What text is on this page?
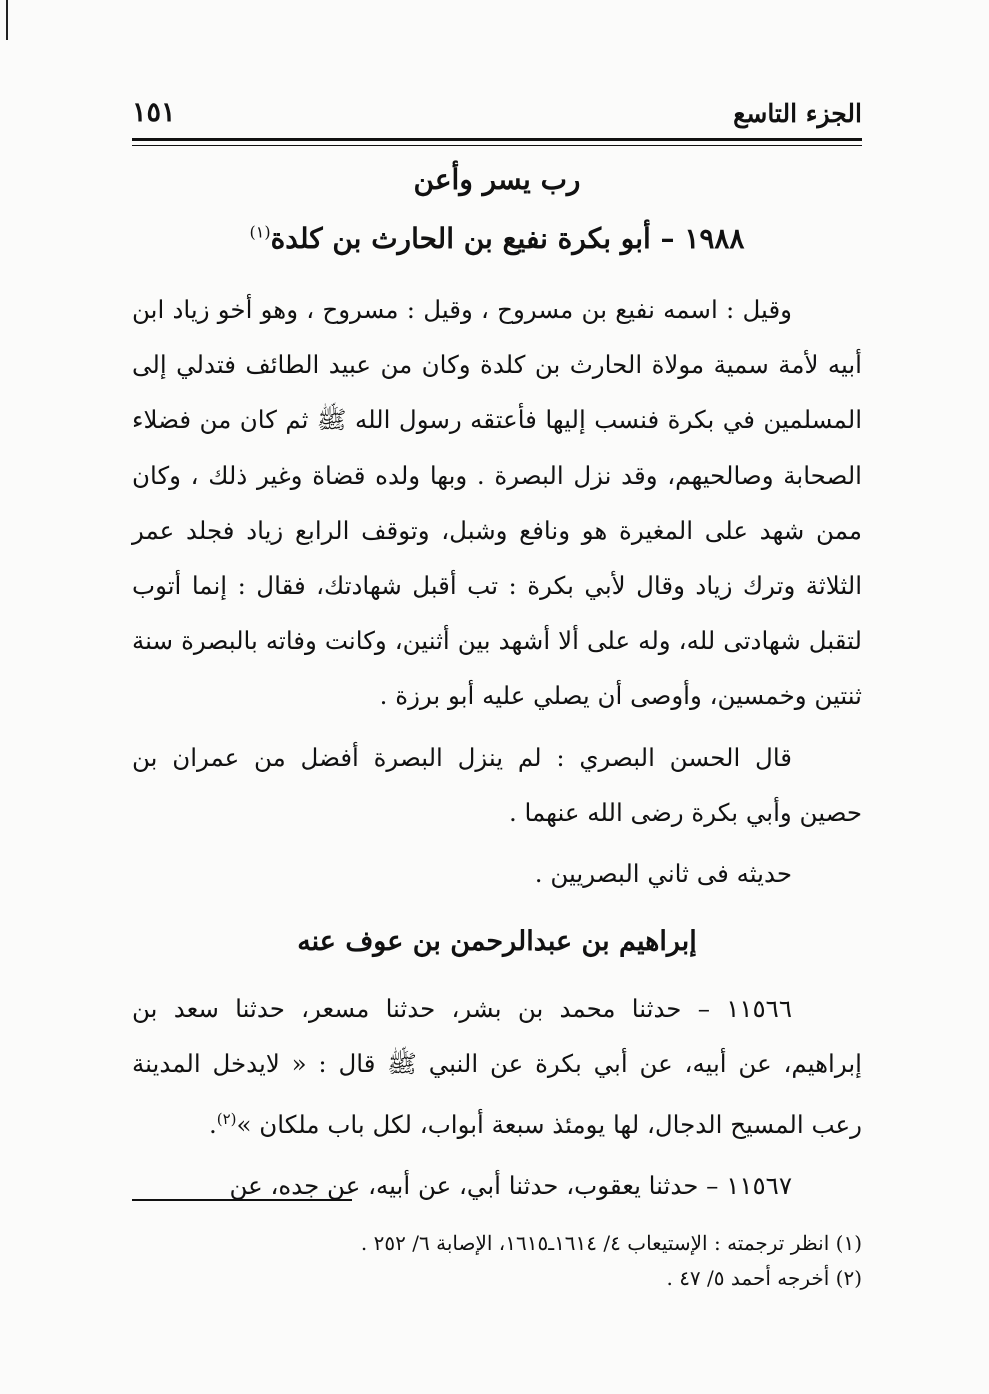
الجزء التاسع
١٥١
رب يسر وأعن
١٩٨٨ – أبو بكرة نفيع بن الحارث بن كلدة$^{(١)}$

وقيل : اسمه نفيع بن مسروح ، وقيل : مسروح ، وهو أخو زياد ابن أبيه لأمة سمية مولاة الحارث بن كلدة وكان من عبيد الطائف فتدلي إلى المسلمين في بكرة فنسب إليها فأعتقه رسول الله ﷺ ثم كان من فضلاء الصحابة وصالحيهم، وقد نزل البصرة . وبها ولده قضاة وغير ذلك ، وكان ممن شهد على المغيرة هو ونافع وشبل، وتوقف الرابع زياد فجلد عمر الثلاثة وترك زياد وقال لأبي بكرة : تب أقبل شهادتك، فقال : إنما أتوب لتقبل شهادتى لله، وله على ألا أشهد بين أثنين، وكانت وفاته بالبصرة سنة ثنتين وخمسين، وأوصى أن يصلي عليه أبو برزة .

قال الحسن البصري : لم ينزل البصرة أفضل من عمران بن حصين وأبي بكرة رضى الله عنهما .

حديثه فى ثاني البصريين .

إبراهيم بن عبدالرحمن بن عوف عنه

١١٥٦٦ – حدثنا محمد بن بشر، حدثنا مسعر، حدثنا سعد بن إبراهيم، عن أبيه، عن أبي بكرة عن النبي ﷺ قال : « لايدخل المدينة رعب المسيح الدجال، لها يومئذ سبعة أبواب، لكل باب ملكان »$^{(٢)}$.

١١٥٦٧ – حدثنا يعقوب، حدثنا أبي، عن أبيه، عن جده، عن

(١) انظر ترجمته : الإستيعاب ٤/ ١٦١٤ـ١٦١٥، الإصابة ٦/ ٢٥٢ .
(٢) أخرجه أحمد ٥/ ٤٧ .
